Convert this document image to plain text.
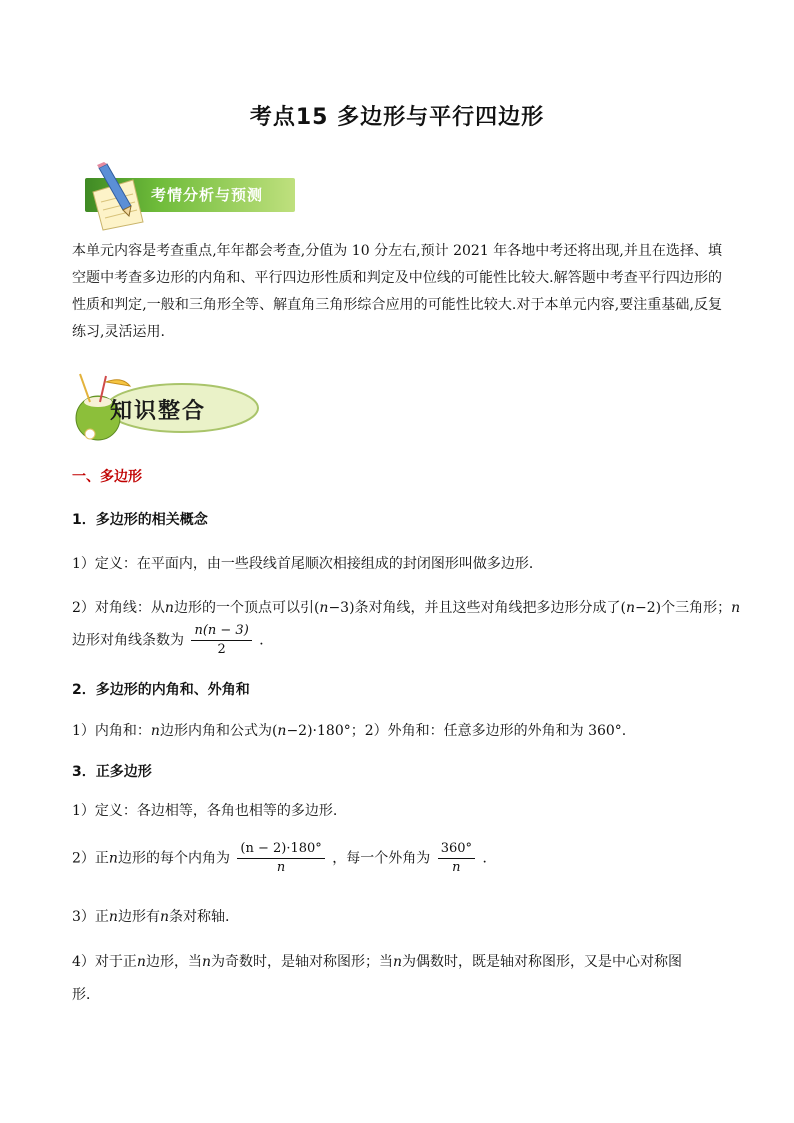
考点15 多边形与平行四边形
考情分析与预测
本单元内容是考查重点,年年都会考查,分值为 10 分左右,预计 2021 年各地中考还将出现,并且在选择、填空题中考查多边形的内角和、平行四边形性质和判定及中位线的可能性比较大.解答题中考查平行四边形的性质和判定,一般和三角形全等、解直角三角形综合应用的可能性比较大.对于本单元内容,要注重基础,反复练习,灵活运用.
知识整合
一、多边形
1．多边形的相关概念
1）定义：在平面内，由一些段线首尾顺次相接组成的封闭图形叫做多边形．
2）对角线：从n边形的一个顶点可以引(n−3)条对角线，并且这些对角线把多边形分成了(n−2)个三角形；n
边形对角线条数为 $\frac{n(n - 3)}{2}$ ．
2．多边形的内角和、外角和
1）内角和：n边形内角和公式为(n−2)·180°；2）外角和：任意多边形的外角和为 360°.
3．正多边形
1）定义：各边相等，各角也相等的多边形.
2）正n边形的每个内角为 $\frac{(n - 2)\cdot 180^\circ}{n}$ ，每一个外角为 $\frac{360^\circ}{n}$ ．
3）正n边形有n条对称轴.
4）对于正n边形，当n为奇数时，是轴对称图形；当n为偶数时，既是轴对称图形，又是中心对称图
形．
